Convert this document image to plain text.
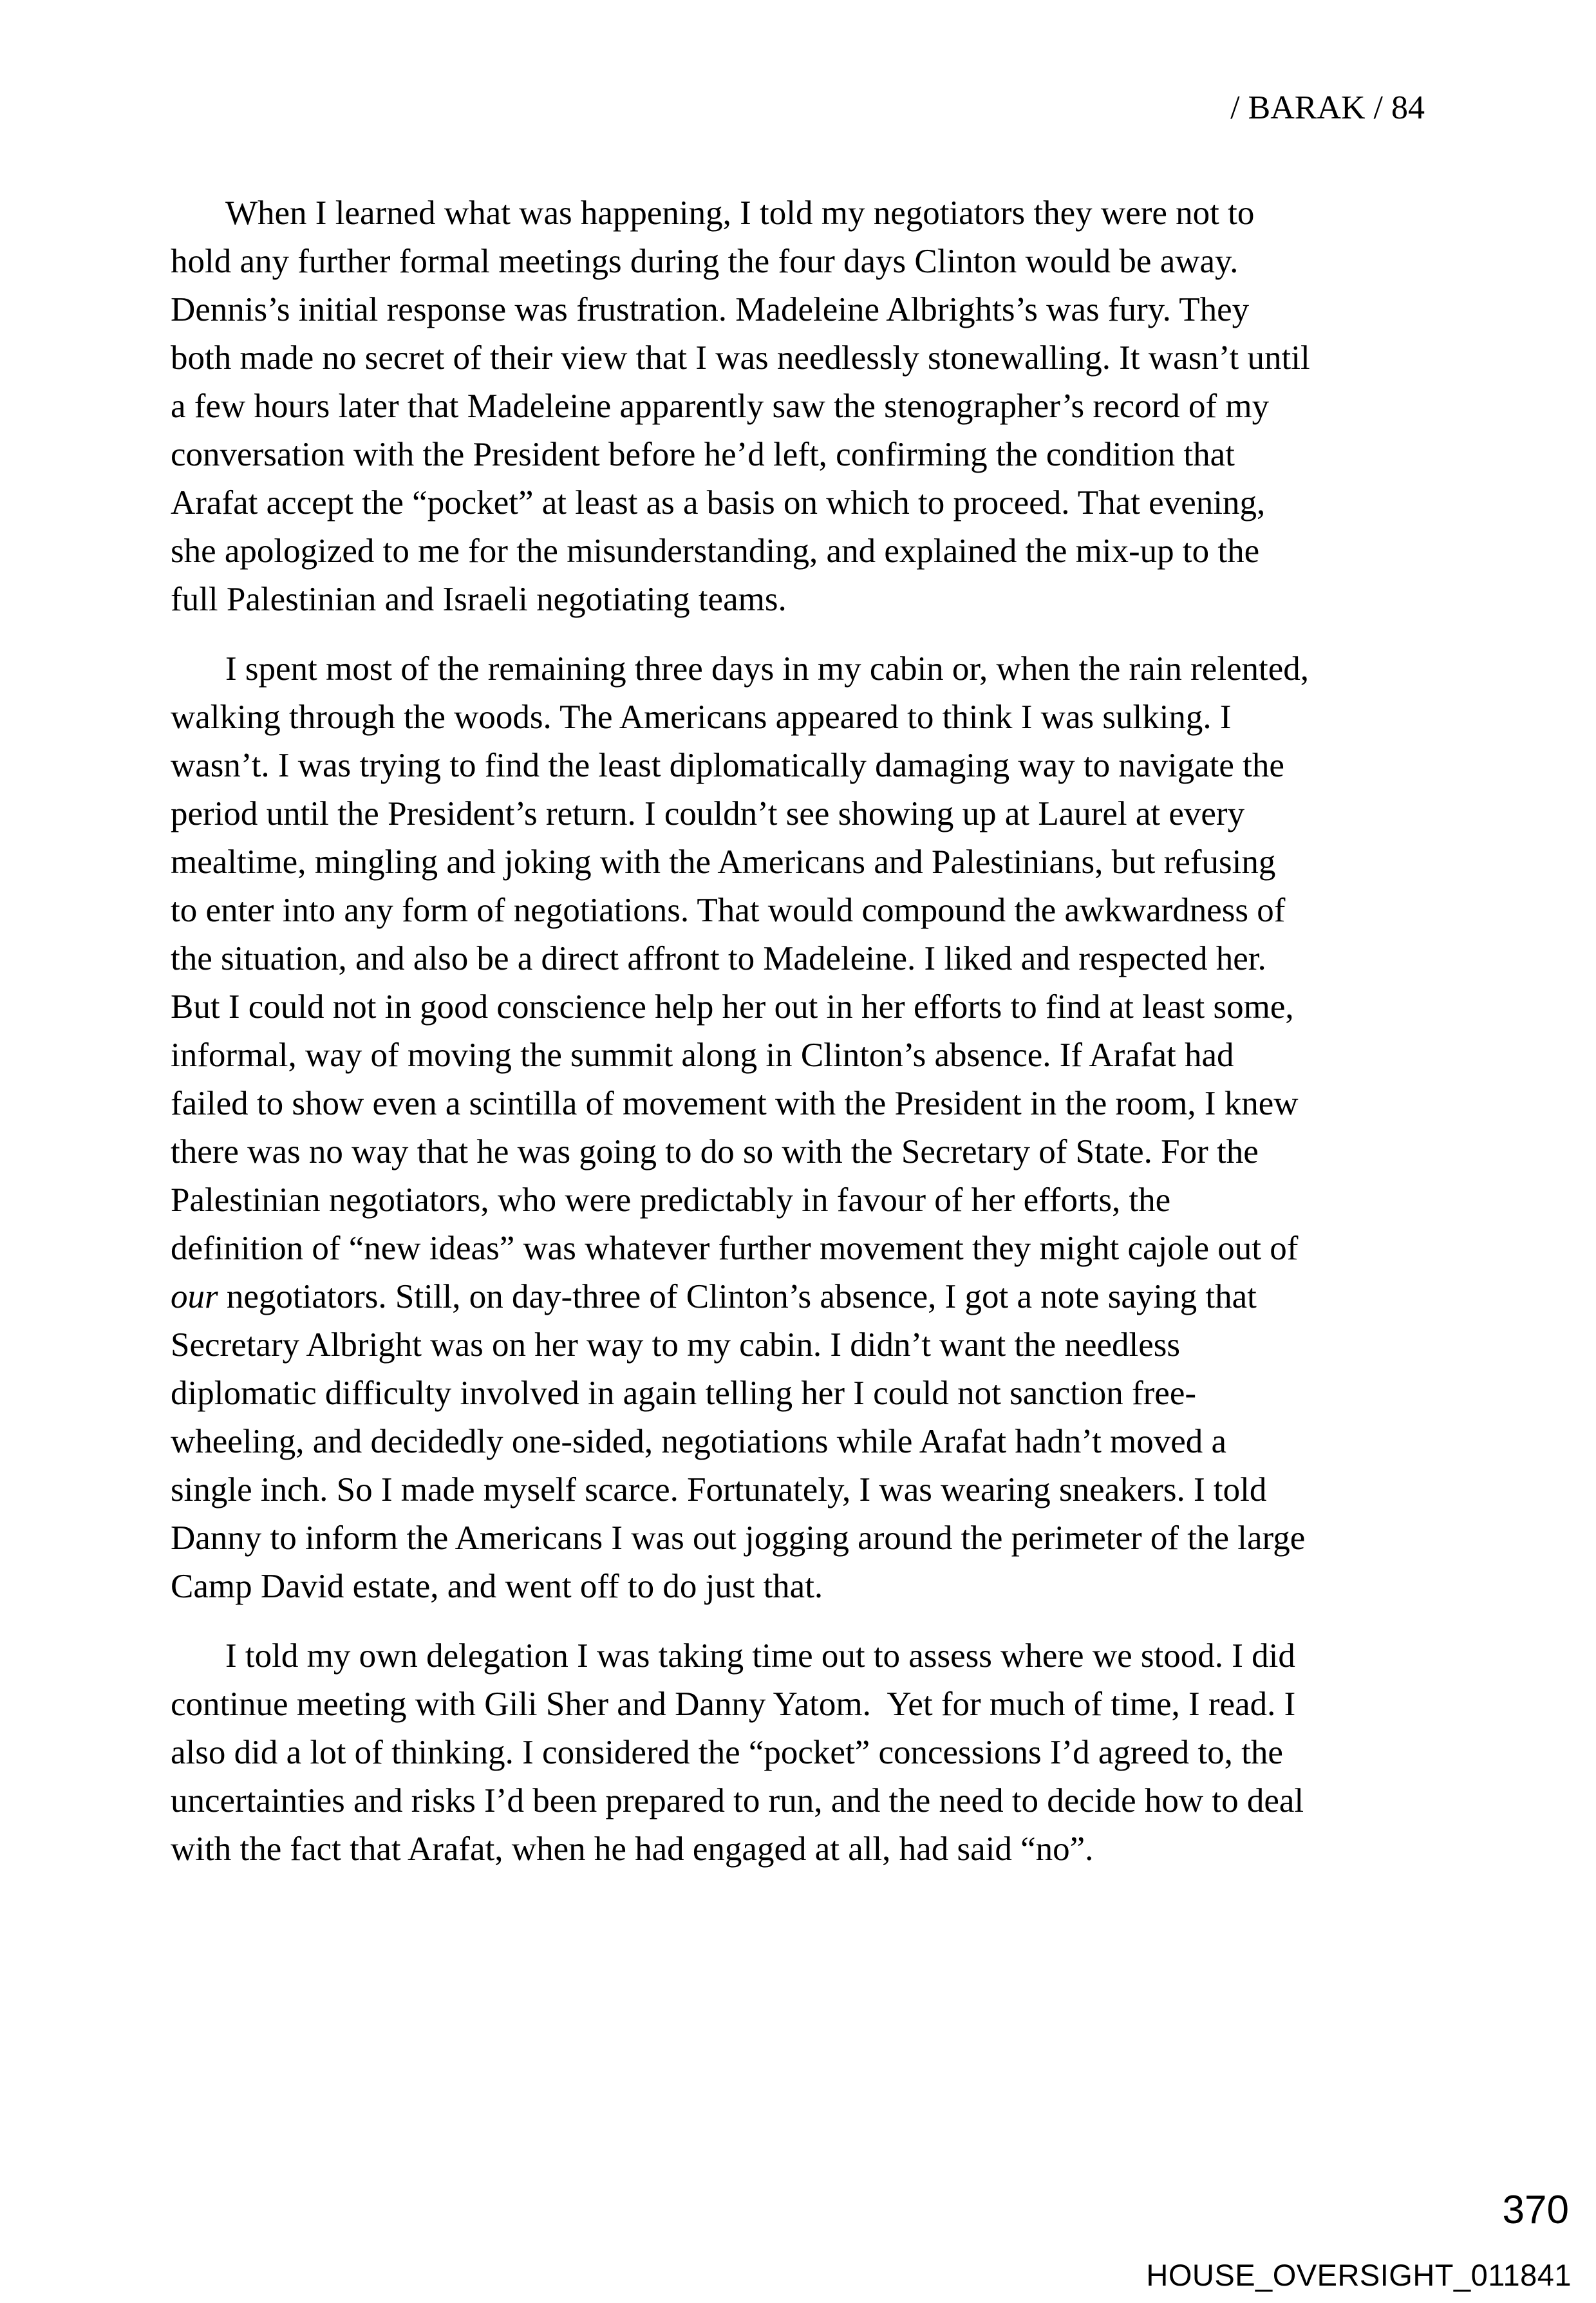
/ BARAK / 84
When I learned what was happening, I told my negotiators they were not to
hold any further formal meetings during the four days Clinton would be away.
Dennis’s initial response was frustration. Madeleine Albrights’s was fury. They
both made no secret of their view that I was needlessly stonewalling. It wasn’t until
a few hours later that Madeleine apparently saw the stenographer’s record of my
conversation with the President before he’d left, confirming the condition that
Arafat accept the “pocket” at least as a basis on which to proceed. That evening,
she apologized to me for the misunderstanding, and explained the mix-up to the
full Palestinian and Israeli negotiating teams.
I spent most of the remaining three days in my cabin or, when the rain relented,
walking through the woods. The Americans appeared to think I was sulking. I
wasn’t. I was trying to find the least diplomatically damaging way to navigate the
period until the President’s return. I couldn’t see showing up at Laurel at every
mealtime, mingling and joking with the Americans and Palestinians, but refusing
to enter into any form of negotiations. That would compound the awkwardness of
the situation, and also be a direct affront to Madeleine. I liked and respected her.
But I could not in good conscience help her out in her efforts to find at least some,
informal, way of moving the summit along in Clinton’s absence. If Arafat had
failed to show even a scintilla of movement with the President in the room, I knew
there was no way that he was going to do so with the Secretary of State. For the
Palestinian negotiators, who were predictably in favour of her efforts, the
definition of “new ideas” was whatever further movement they might cajole out of
our negotiators. Still, on day-three of Clinton’s absence, I got a note saying that
Secretary Albright was on her way to my cabin. I didn’t want the needless
diplomatic difficulty involved in again telling her I could not sanction free-
wheeling, and decidedly one-sided, negotiations while Arafat hadn’t moved a
single inch. So I made myself scarce. Fortunately, I was wearing sneakers. I told
Danny to inform the Americans I was out jogging around the perimeter of the large
Camp David estate, and went off to do just that.
I told my own delegation I was taking time out to assess where we stood. I did
continue meeting with Gili Sher and Danny Yatom.  Yet for much of time, I read. I
also did a lot of thinking. I considered the “pocket” concessions I’d agreed to, the
uncertainties and risks I’d been prepared to run, and the need to decide how to deal
with the fact that Arafat, when he had engaged at all, had said “no”.
370
HOUSE_OVERSIGHT_011841
